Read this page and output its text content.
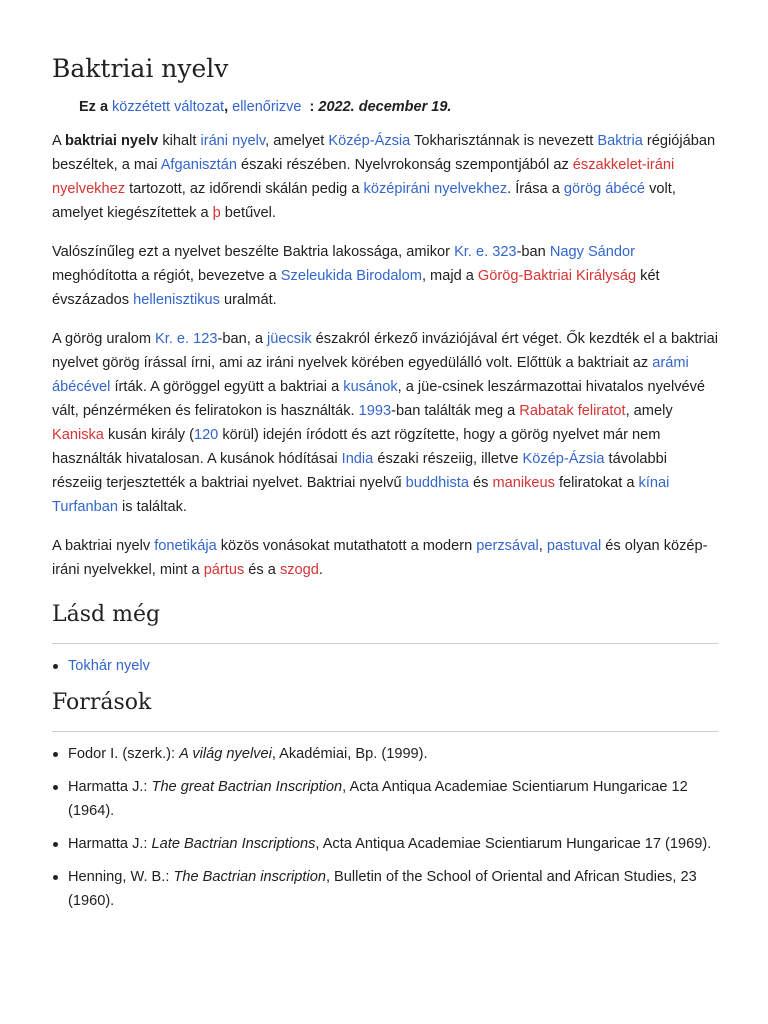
Baktriai nyelv
Ez a közzétett változat, ellenőrizve : 2022. december 19.

A baktriai nyelv kihalt iráni nyelv, amelyet Közép-Ázsia Tokharisztánnak is nevezett Baktria régiójában beszéltek, a mai Afganisztán északi részében. Nyelvrokonság szempontjából az északkelet-iráni nyelvekhez tartozott, az időrendi skálán pedig a középiráni nyelvekhez. Írása a görög ábécé volt, amelyet kiegészítettek a þ betűvel.

Valószínűleg ezt a nyelvet beszélte Baktria lakossága, amikor Kr. e. 323-ban Nagy Sándor meghódította a régiót, bevezetve a Szeleukida Birodalom, majd a Görög-Baktriai Királyság két évszázados hellenisztikus uralmát.

A görög uralom Kr. e. 123-ban, a jüecsik északról érkező inváziójával ért véget. Ők kezdték el a baktriai nyelvet görög írással írni, ami az iráni nyelvek körében egyedülálló volt. Előttük a baktriait az arámi ábécével írták. A göröggel együtt a baktriai a kusánok, a jüe-csinek leszármazottai hivatalos nyelvévé vált, pénzérméken és feliratokon is használták. 1993-ban találták meg a Rabatak feliratot, amely Kaniska kusán király (120 körül) idején íródott és azt rögzítette, hogy a görög nyelvet már nem használták hivatalosan. A kusánok hódításai India északi részeiig, illetve Közép-Ázsia távolabbi részeiig terjesztették a baktriai nyelvet. Baktriai nyelvű buddhista és manikeus feliratokat a kínai Turfanban is találtak.

A baktriai nyelv fonetikája közös vonásokat mutathatott a modern perzsával, pastuval és olyan közép-iráni nyelvekkel, mint a pártus és a szogd.

Lásd még
Tokhár nyelv
Források
Fodor I. (szerk.): A világ nyelvei, Akadémiai, Bp. (1999).
Harmatta J.: The great Bactrian Inscription, Acta Antiqua Academiae Scientiarum Hungaricae 12 (1964).
Harmatta J.: Late Bactrian Inscriptions, Acta Antiqua Academiae Scientiarum Hungaricae 17 (1969).
Henning, W. B.: The Bactrian inscription, Bulletin of the School of Oriental and African Studies, 23 (1960).
